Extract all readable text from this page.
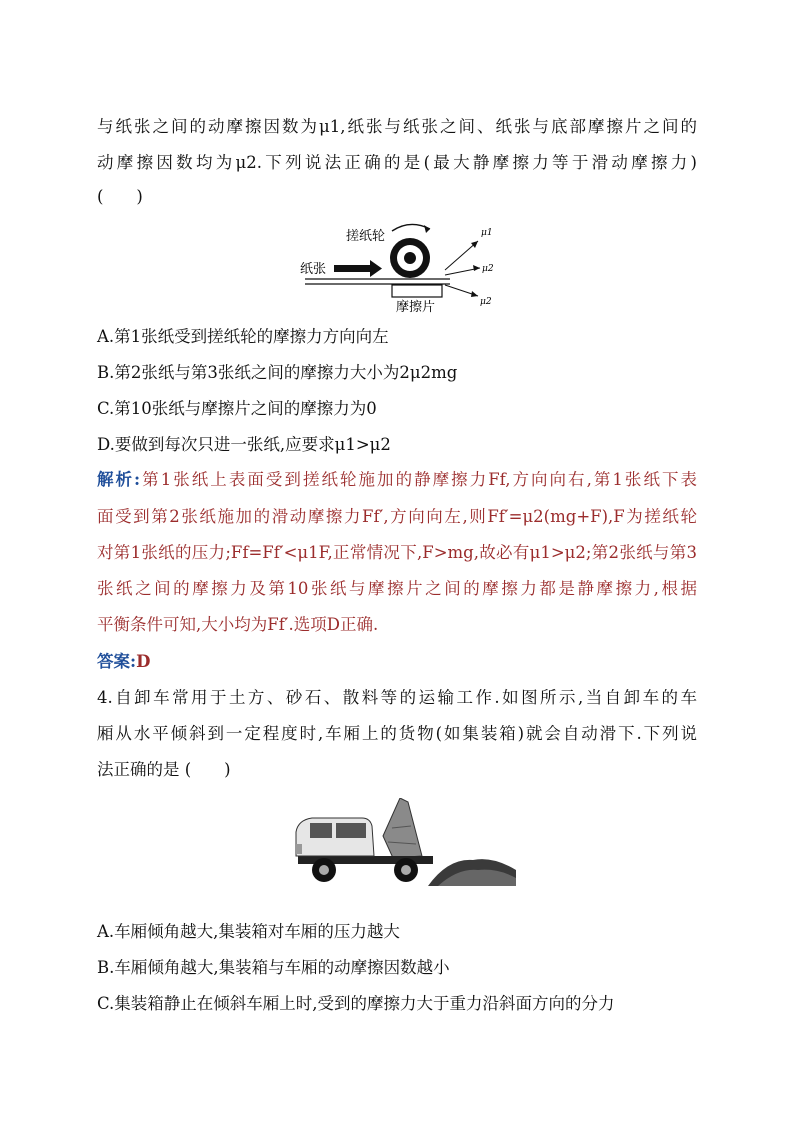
与纸张之间的动摩擦因数为μ1,纸张与纸张之间、纸张与底部摩擦片之间的
动摩擦因数均为μ2.下列说法正确的是(最大静摩擦力等于滑动摩擦力)
(　　)
搓纸轮
纸张
摩擦片
μ1
μ2
μ2
A.第1张纸受到搓纸轮的摩擦力方向向左
B.第2张纸与第3张纸之间的摩擦力大小为2μ2mg
C.第10张纸与摩擦片之间的摩擦力为0
D.要做到每次只进一张纸,应要求μ1>μ2
解析:第1张纸上表面受到搓纸轮施加的静摩擦力Ff,方向向右,第1张纸下表
面受到第2张纸施加的滑动摩擦力Ff′,方向向左,则Ff′=μ2(mg+F),F为搓纸轮
对第1张纸的压力;Ff=Ff′<μ1F,正常情况下,F>mg,故必有μ1>μ2;第2张纸与第3
张纸之间的摩擦力及第10张纸与摩擦片之间的摩擦力都是静摩擦力,根据
平衡条件可知,大小均为Ff′.选项D正确.
答案:D
4.自卸车常用于土方、砂石、散料等的运输工作.如图所示,当自卸车的车
厢从水平倾斜到一定程度时,车厢上的货物(如集装箱)就会自动滑下.下列说
法正确的是 (　　)
A.车厢倾角越大,集装箱对车厢的压力越大
B.车厢倾角越大,集装箱与车厢的动摩擦因数越小
C.集装箱静止在倾斜车厢上时,受到的摩擦力大于重力沿斜面方向的分力
